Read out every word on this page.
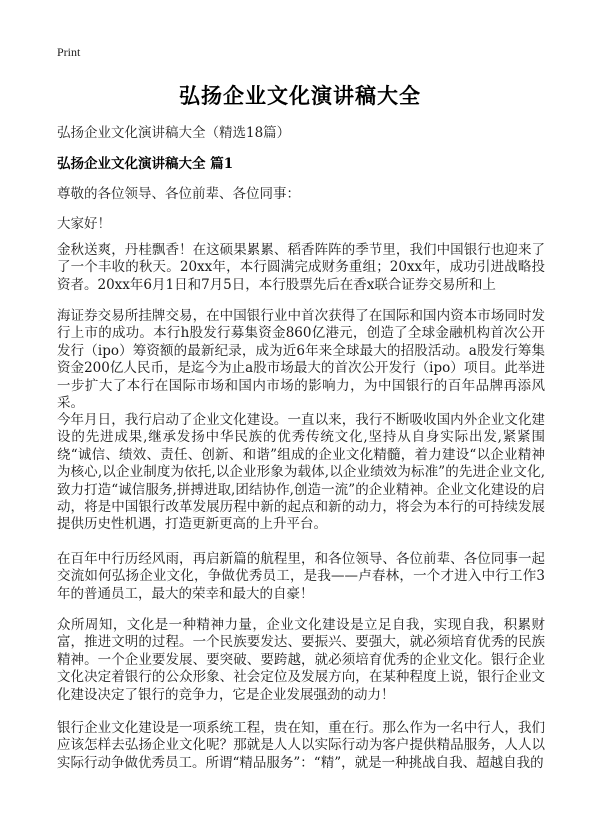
Print
弘扬企业文化演讲稿大全
弘扬企业文化演讲稿大全（精选18篇）
弘扬企业文化演讲稿大全 篇1
尊敬的各位领导、各位前辈、各位同事：
大家好！

金秋送爽，丹桂飘香！在这硕果累累、稻香阵阵的季节里，我们中国银行也迎来了了一个丰收的秋天。20xx年，本行圆满完成财务重组；20xx年，成功引进战略投资者。20xx年6月1日和7月5日，本行股票先后在香x联合证券交易所和上

海证券交易所挂牌交易，在中国银行业中首次获得了在国际和国内资本市场同时发行上市的成功。本行h股发行募集资金860亿港元，创造了全球金融机构首次公开发行（ipo）筹资额的最新纪录，成为近6年来全球最大的招股活动。a股发行筹集资金200亿人民币，是迄今为止a股市场最大的首次公开发行（ipo）项目。此举进一步扩大了本行在国际市场和国内市场的影响力，为中国银行的百年品牌再添风采。

今年月日，我行启动了企业文化建设。一直以来，我行不断吸收国内外企业文化建设的先进成果,继承发扬中华民族的优秀传统文化,坚持从自身实际出发,紧紧围绕“诚信、绩效、责任、创新、和谐”组成的企业文化精髓，着力建设“以企业精神为核心,以企业制度为依托,以企业形象为载体,以企业绩效为标准”的先进企业文化,致力打造“诚信服务,拼搏进取,团结协作,创造一流”的企业精神。企业文化建设的启动，将是中国银行改革发展历程中新的起点和新的动力，将会为本行的可持续发展提供历史性机遇，打造更新更高的上升平台。

在百年中行历经风雨，再启新篇的航程里，和各位领导、各位前辈、各位同事一起交流如何弘扬企业文化，争做优秀员工，是我——卢春林，一个才进入中行工作3年的普通员工，最大的荣幸和最大的自豪！

众所周知，文化是一种精神力量，企业文化建设是立足自我，实现自我，积累财富，推进文明的过程。一个民族要发达、要振兴、要强大，就必须培育优秀的民族精神。一个企业要发展、要突破、要跨越，就必须培育优秀的企业文化。银行企业文化决定着银行的公众形象、社会定位及发展方向，在某种程度上说，银行企业文化建设决定了银行的竞争力，它是企业发展强劲的动力！

银行企业文化建设是一项系统工程，贵在知，重在行。那么作为一名中行人，我们应该怎样去弘扬企业文化呢？那就是人人以实际行动为客户提供精品服务，人人以实际行动争做优秀员工。所谓“精品服务”：“精”，就是一种挑战自我、超越自我的
